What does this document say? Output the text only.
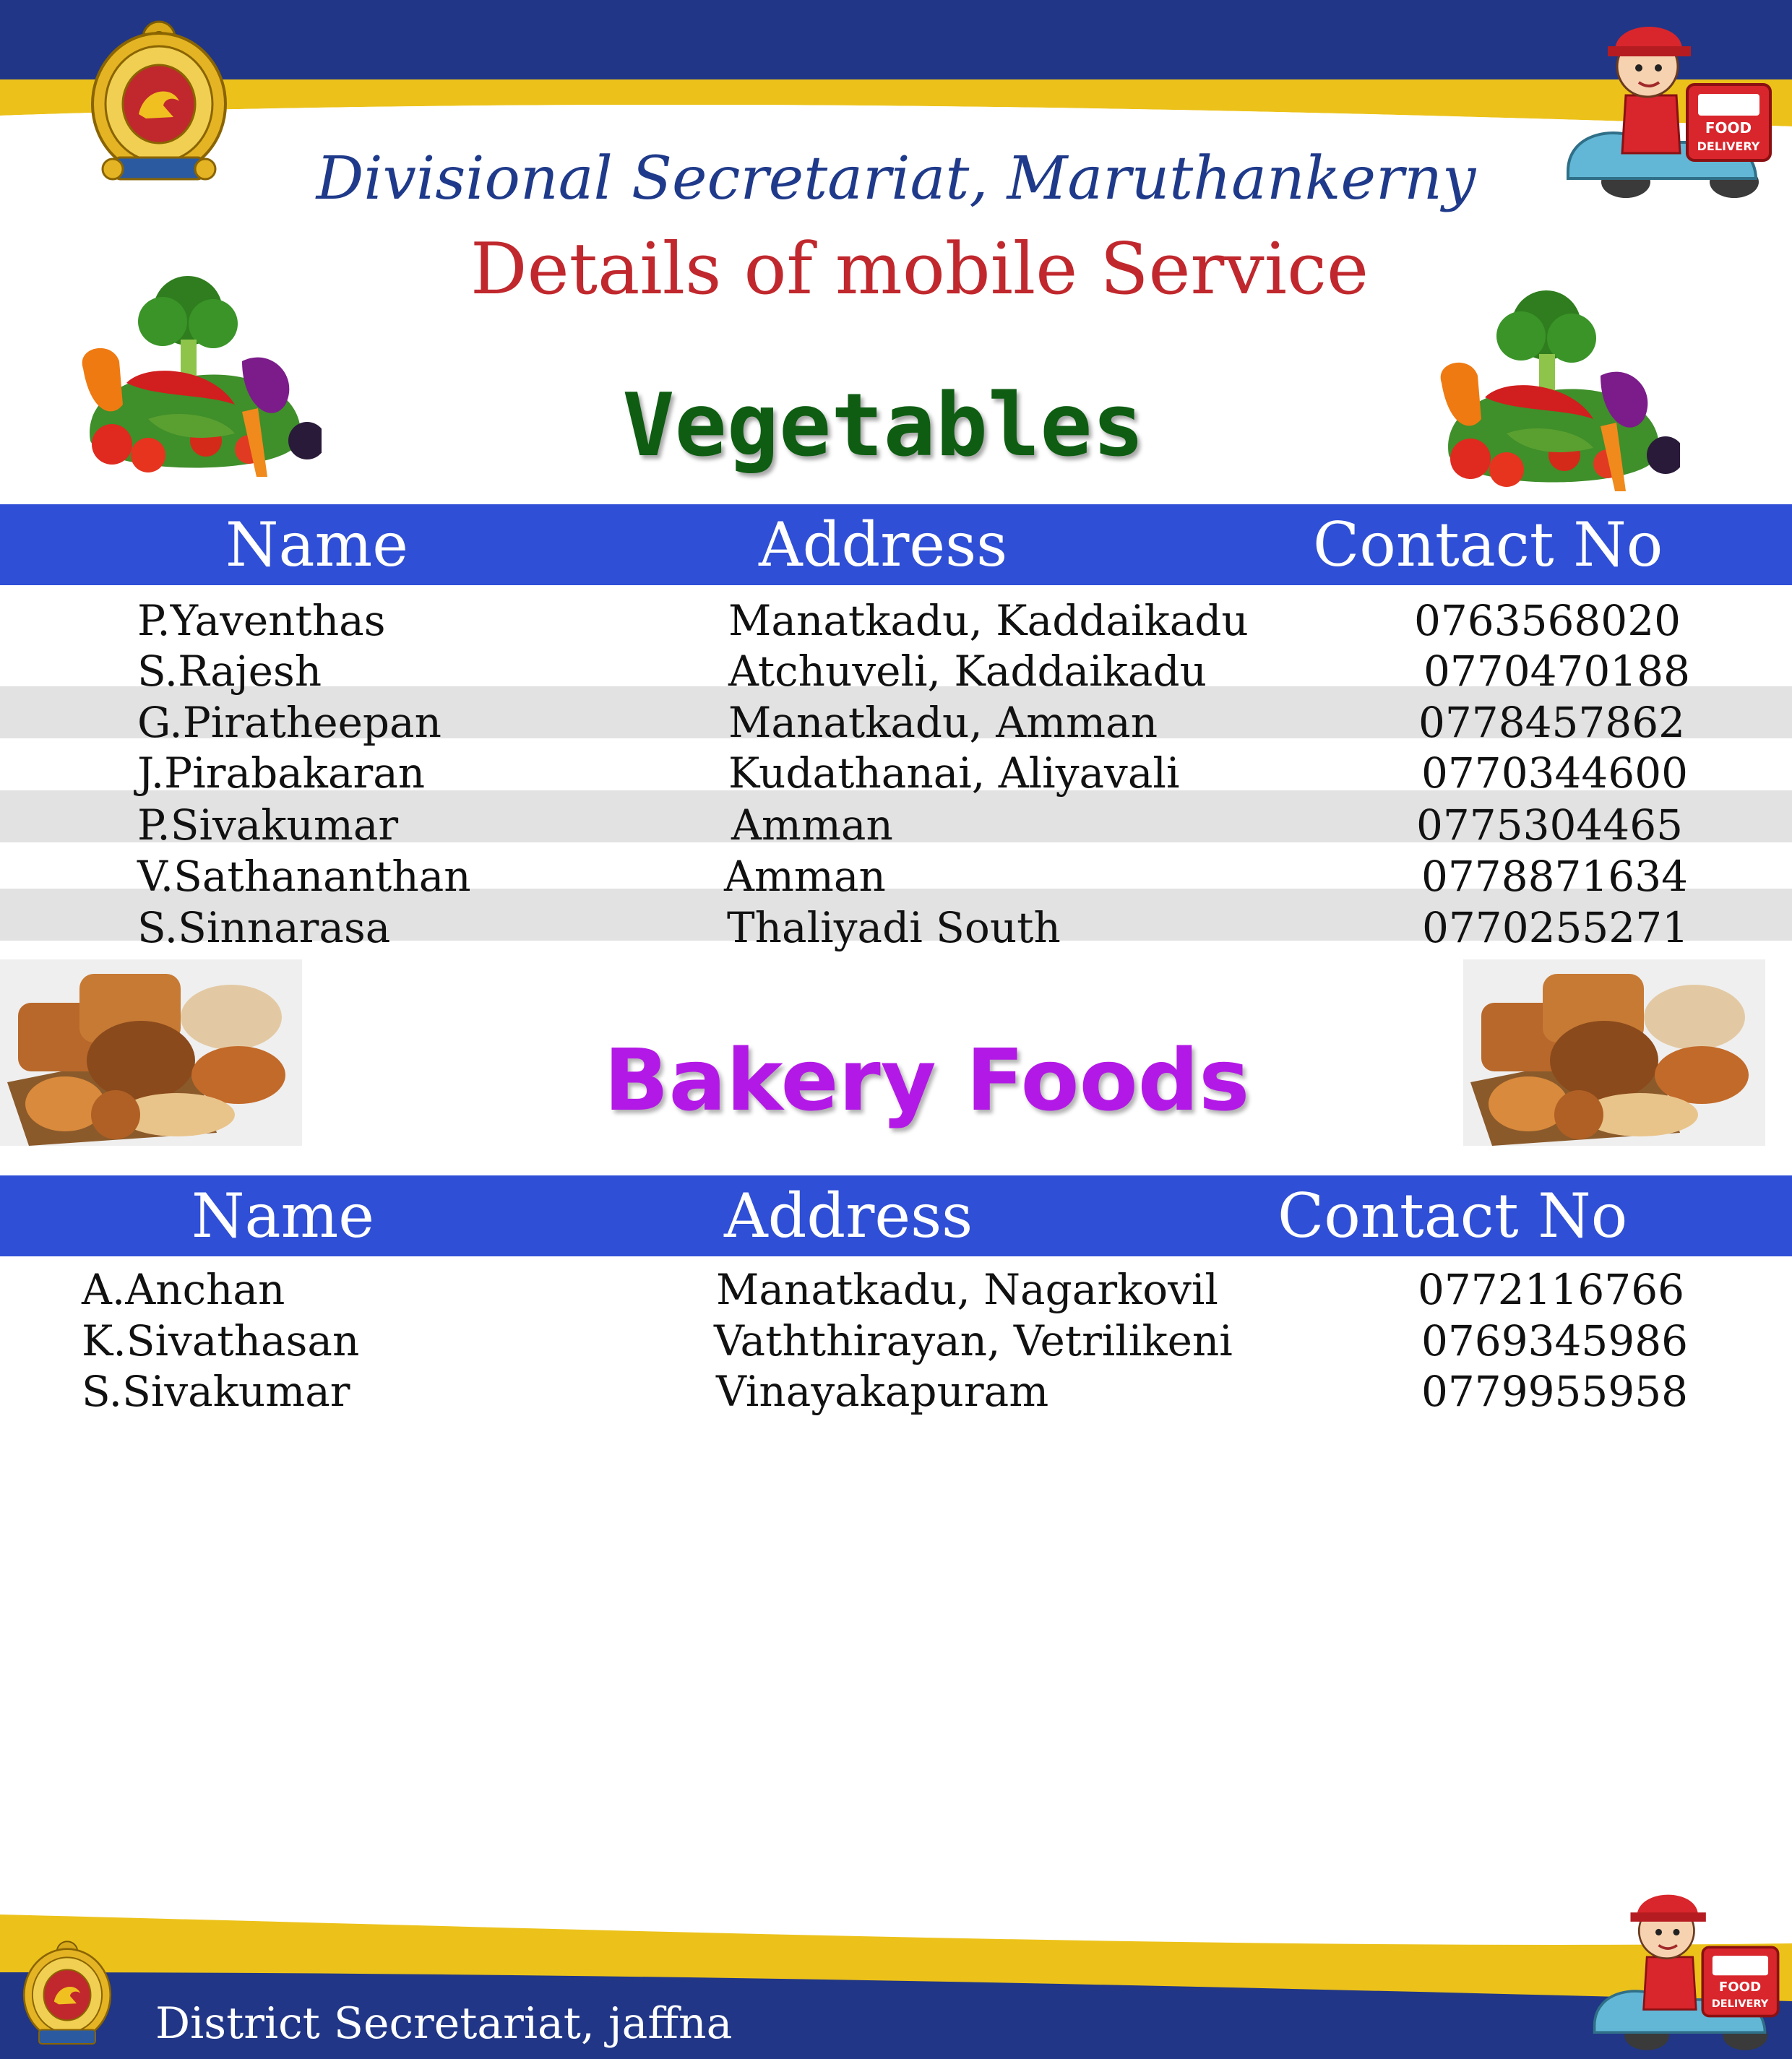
FOOD
DELIVERY
Divisional Secretariat, Maruthankerny
Details of mobile Service
Vegetables
Name	Address	Contact No
P.Yaventhas	Manatkadu, Kaddaikadu	0763568020
S.Rajesh	Atchuveli, Kaddaikadu	0770470188
G.Piratheepan	Manatkadu, Amman	0778457862
J.Pirabakaran	Kudathanai, Aliyavali	0770344600
P.Sivakumar	Amman	0775304465
V.Sathananthan	Amman	0778871634
S.Sinnarasa	Thaliyadi South	0770255271
Bakery Foods
Name	Address	Contact No
A.Anchan	Manatkadu, Nagarkovil	0772116766
K.Sivathasan	Vaththirayan, Vetrilikeni	0769345986
S.Sivakumar	Vinayakapuram	0779955958
FOOD
DELIVERY
District Secretariat, jaffna
